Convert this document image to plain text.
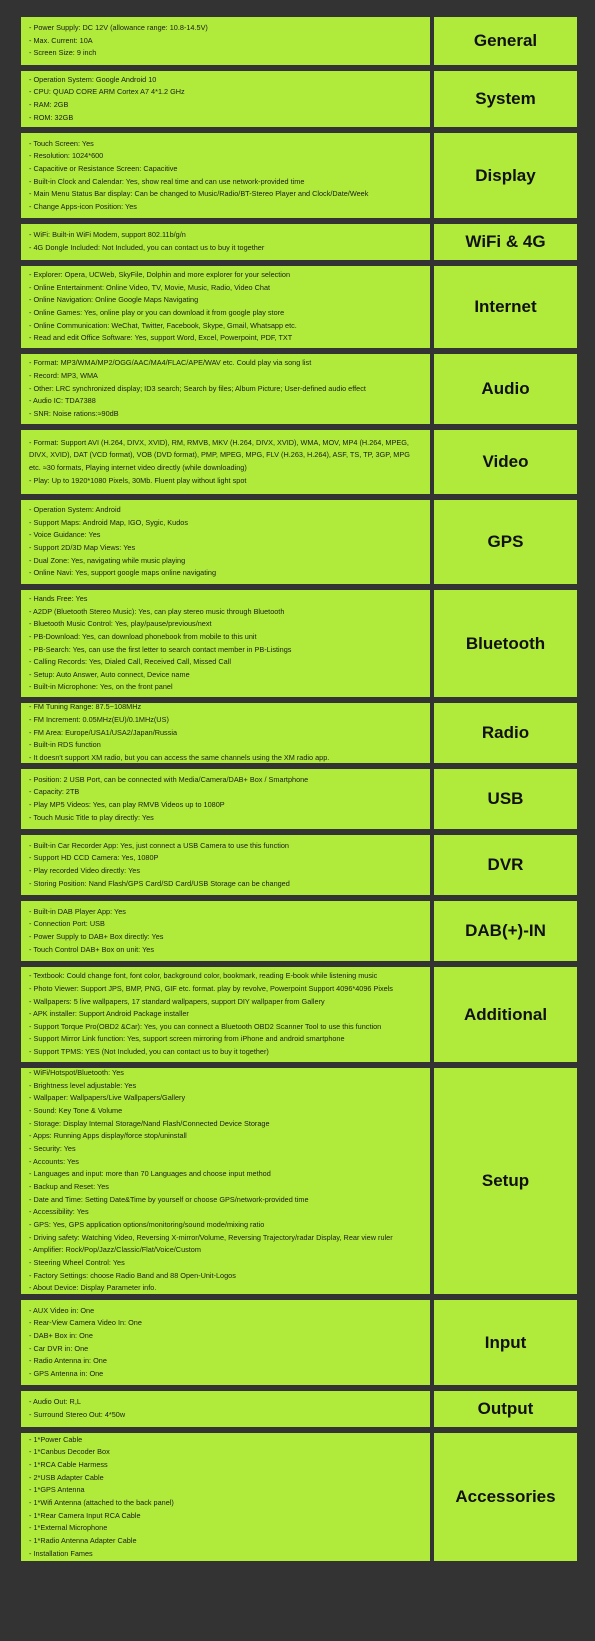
- Power Supply: DC 12V (allowance range: 10.8-14.5V)
- Max. Current: 10A
- Screen Size: 9 inch
General
- Operation System: Google Android 10
- CPU: QUAD CORE ARM Cortex A7 4*1.2 GHz
- RAM: 2GB
- ROM: 32GB
System
- Touch Screen: Yes
- Resolution: 1024*600
- Capacitive or Resistance Screen: Capacitive
- Built-in Clock and Calendar: Yes, show real time and can use network-provided time
- Main Menu Status Bar display: Can be changed to Music/Radio/BT-Stereo Player and Clock/Date/Week
- Change Apps-icon Position: Yes
Display
- WiFi: Built-in WiFi Modem, support 802.11b/g/n
- 4G Dongle Included: Not Included, you can contact us to buy it together	WiFi & 4G
- Explorer: Opera, UCWeb, SkyFile, Dolphin and more explorer for your selection
- Online Entertainment: Online Video, TV, Movie, Music, Radio, Video Chat
- Online Navigation: Online Google Maps Navigating
- Online Games: Yes, online play or you can download it from google play store
- Online Communication: WeChat, Twitter, Facebook, Skype, Gmail, Whatsapp etc.
- Read and edit Office Software: Yes, support Word, Excel, Powerpoint, PDF, TXT
Internet
- Format: MP3/WMA/MP2/OGG/AAC/MA4/FLAC/APE/WAV etc. Could play via song list
- Record: MP3, WMA
- Other: LRC synchronized display; ID3 search; Search by files; Album Picture; User-defined audio effect
- Audio IC: TDA7388
- SNR: Noise rations:≈90dB
Audio
- Format: Support AVI (H.264, DIVX, XVID), RM, RMVB, MKV (H.264, DIVX, XVID), WMA, MOV, MP4 (H.264, MPEG, DIVX, XVID), DAT (VCD format), VOB (DVD format), PMP, MPEG, MPG, FLV (H.263, H.264), ASF, TS, TP, 3GP, MPG etc. ≈30 formats, Playing internet video directly (while downloading)
- Play: Up to 1920*1080 Pixels, 30Mb. Fluent play without light spot
Video
- Operation System: Android
- Support Maps: Android Map, IGO, Sygic, Kudos
- Voice Guidance: Yes
- Support 2D/3D Map Views: Yes
- Dual Zone: Yes, navigating while music playing
- Online Navi: Yes, support google maps online navigating
GPS
- Hands Free: Yes
- A2DP (Bluetooth Stereo Music): Yes, can play stereo music through Bluetooth
- Bluetooth Music Control: Yes, play/pause/previous/next
- PB-Download: Yes, can download phonebook from mobile to this unit
- PB-Search: Yes, can use the first letter to search contact member in PB-Listings
- Calling Records: Yes, Dialed Call, Received Call, Missed Call
- Setup: Auto Answer, Auto connect, Device name
- Built-in Microphone: Yes, on the front panel
Bluetooth
- FM Tuning Range: 87.5~108MHz
- FM Increment: 0.05MHz(EU)/0.1MHz(US)
- FM Area: Europe/USA1/USA2/Japan/Russia
- Built-in RDS function
- It doesn't support XM radio, but you can access the same channels using the XM radio app.
Radio
- Position: 2 USB Port, can be connected with Media/Camera/DAB+ Box / Smartphone
- Capacity: 2TB
- Play MP5 Videos: Yes, can play RMVB Videos up to 1080P
- Touch Music Title to play directly: Yes
USB
- Built-in Car Recorder App: Yes, just connect a USB Camera to use this function
- Support HD CCD Camera: Yes, 1080P
- Play recorded Video directly: Yes
- Storing Position: Nand Flash/GPS Card/SD Card/USB Storage can be changed
DVR
- Built-in DAB Player App: Yes
- Connection Port: USB
- Power Supply to DAB+ Box directly: Yes
- Touch Control DAB+ Box on unit: Yes
DAB(+)-IN
- Textbook: Could change font, font color, background color, bookmark, reading E-book while listening music
- Photo Viewer: Support JPS, BMP, PNG, GIF etc. format. play by revolve, Powerpoint Support 4096*4096 Pixels
- Wallpapers: 5 live wallpapers, 17 standard wallpapers, support DIY wallpaper from Gallery
- APK installer: Support Android Package installer
- Support Torque Pro(OBD2 &Car): Yes, you can connect a Bluetooth OBD2 Scanner Tool to use this function
- Support Mirror Link function: Yes, support screen mirroring from iPhone and android smartphone
- Support TPMS: YES (Not Included, you can contact us to buy it together)
Additional
- WiFi/Hotspot/Bluetooth: Yes
- Brightness level adjustable: Yes
- Wallpaper: Wallpapers/Live Wallpapers/Gallery
- Sound: Key Tone & Volume
- Storage: Display Internal Storage/Nand Flash/Connected Device Storage
- Apps: Running Apps display/force stop/uninstall
- Security: Yes
- Accounts: Yes
- Languages and input: more than 70 Languages and choose input method
- Backup and Reset: Yes
- Date and Time: Setting Date&Time by yourself or choose GPS/network-provided time
- Accessibility: Yes
- GPS: Yes, GPS application options/monitoring/sound mode/mixing ratio
- Driving safety: Watching Video, Reversing X-mirror/Volume, Reversing Trajectory/radar Display, Rear view ruler
- Amplifier: Rock/Pop/Jazz/Classic/Flat/Voice/Custom
- Steering Wheel Control: Yes
- Factory Settings: choose Radio Band and 88 Open-Unit-Logos
- About Device: Display Parameter info.
Setup
- AUX Video in: One
- Rear-View Camera Video In: One
- DAB+ Box in: One
- Car DVR in: One
- Radio Antenna in: One
- GPS Antenna in: One
Input
- Audio Out: R,L
- Surround Stereo Out: 4*50w	Output
- 1*Power Cable
- 1*Canbus Decoder Box
- 1*RCA Cable Harmess
- 2*USB Adapter Cable
- 1*GPS Antenna
- 1*Wifi Antenna (attached to the back panel)
- 1*Rear Camera Input RCA Cable
- 1*External Microphone
- 1*Radio Antenna Adapter Cable
- Installation Fames
Accessories
